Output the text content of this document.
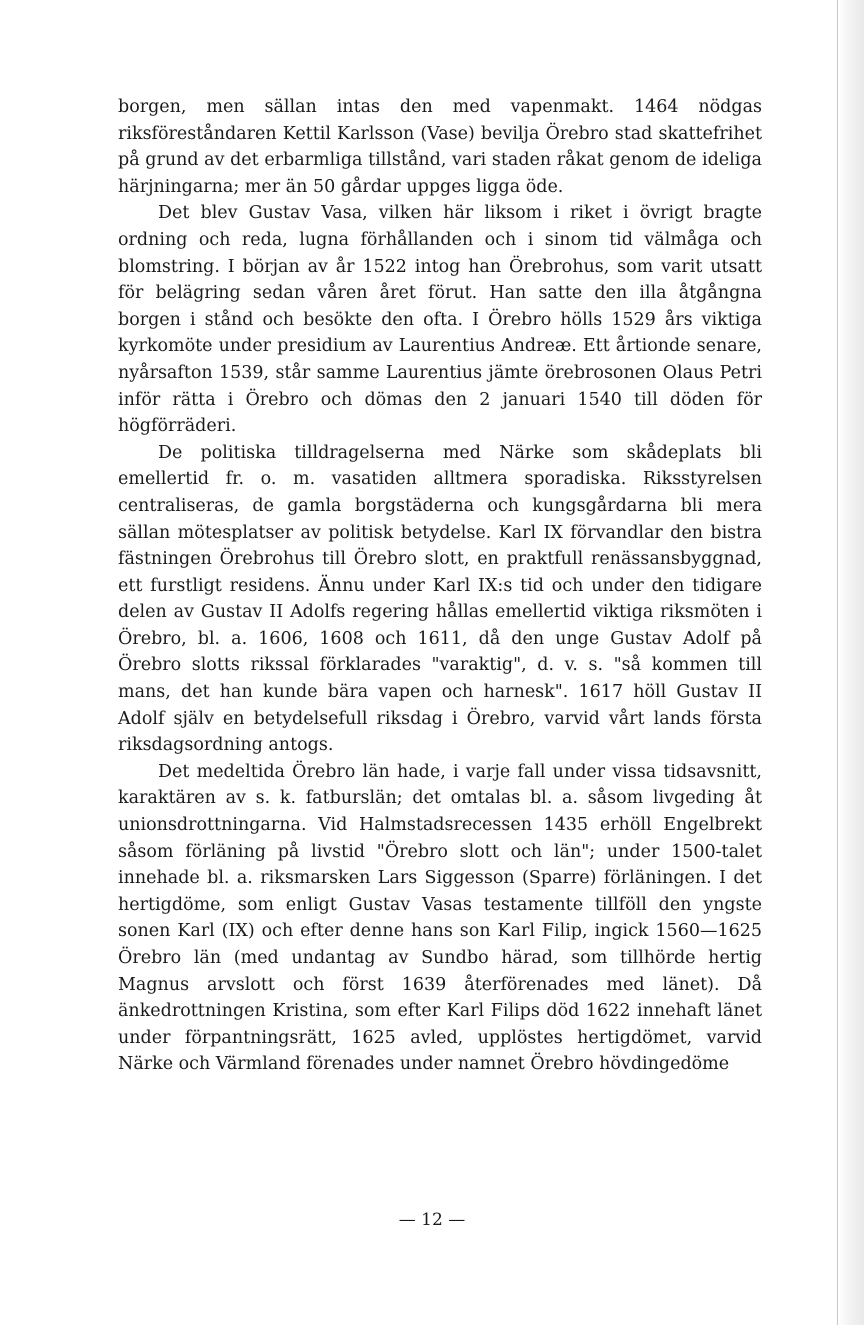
borgen, men sällan intas den med vapenmakt. 1464 nödgas riksföreståndaren Kettil Karlsson (Vase) bevilja Örebro stad skattefrihet på grund av det erbarmliga tillstånd, vari staden råkat genom de ideliga härjningarna; mer än 50 gårdar uppges ligga öde.

Det blev Gustav Vasa, vilken här liksom i riket i övrigt bragte ordning och reda, lugna förhållanden och i sinom tid välmåga och blomstring. I början av år 1522 intog han Örebrohus, som varit utsatt för belägring sedan våren året förut. Han satte den illa åtgångna borgen i stånd och besökte den ofta. I Örebro hölls 1529 års viktiga kyrkomöte under presidium av Laurentius Andreæ. Ett årtionde senare, nyårsafton 1539, står samme Laurentius jämte örebrosonen Olaus Petri inför rätta i Örebro och dömas den 2 januari 1540 till döden för högförräderi.

De politiska tilldragelserna med Närke som skådeplats bli emellertid fr. o. m. vasatiden alltmera sporadiska. Riksstyrelsen centraliseras, de gamla borgstäderna och kungsgårdarna bli mera sällan mötesplatser av politisk betydelse. Karl IX förvandlar den bistra fästningen Örebrohus till Örebro slott, en praktfull renässansbyggnad, ett furstligt residens. Ännu under Karl IX:s tid och under den tidigare delen av Gustav II Adolfs regering hållas emellertid viktiga riksmöten i Örebro, bl. a. 1606, 1608 och 1611, då den unge Gustav Adolf på Örebro slotts rikssal förklarades "varaktig", d. v. s. "så kommen till mans, det han kunde bära vapen och harnesk". 1617 höll Gustav II Adolf själv en betydelsefull riksdag i Örebro, varvid vårt lands första riksdagsordning antogs.

Det medeltida Örebro län hade, i varje fall under vissa tidsavsnitt, karaktären av s. k. fatburslän; det omtalas bl. a. såsom livgeding åt unionsdrottningarna. Vid Halmstadsrecessen 1435 erhöll Engelbrekt såsom förläning på livstid "Örebro slott och län"; under 1500-talet innehade bl. a. riksmarsken Lars Siggesson (Sparre) förläningen. I det hertigdöme, som enligt Gustav Vasas testamente tillföll den yngste sonen Karl (IX) och efter denne hans son Karl Filip, ingick 1560—1625 Örebro län (med undantag av Sundbo härad, som tillhörde hertig Magnus arvslott och först 1639 återförenades med länet). Då änkedrottningen Kristina, som efter Karl Filips död 1622 innehaft länet under förpantningsrätt, 1625 avled, upplöstes hertigdömet, varvid Närke och Värmland förenades under namnet Örebro hövdingedöme

— 12 —
